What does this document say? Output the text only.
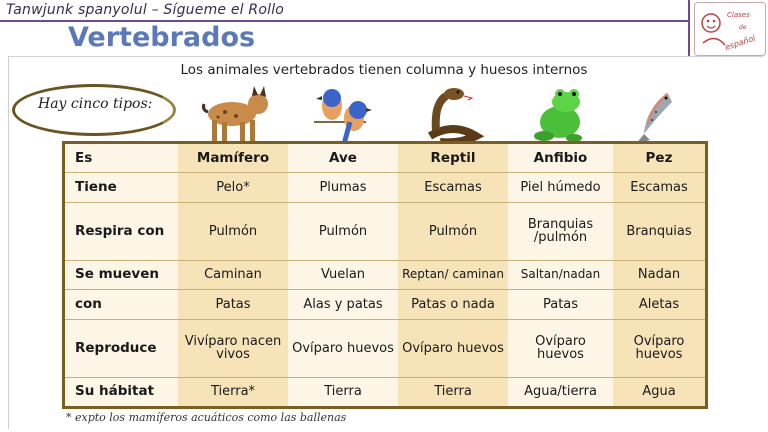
Tanwjunk spanyolul – Sígueme el Rollo
Vertebrados
Clases
de
español
Los animales vertebrados tienen columna y huesos internos
Hay cinco tipos:
Es	Mamífero	Ave	Reptil	Anfibio	Pez
Tiene	Pelo*	Plumas	Escamas	Piel húmedo	Escamas
Respira con	Pulmón	Pulmón	Pulmón	Branquias /pulmón	Branquias
Se mueven	Caminan	Vuelan	Reptan/ caminan	Saltan/nadan	Nadan
con	Patas	Alas y patas	Patas o nada	Patas	Aletas
Reproduce	Vivíparo nacen vivos	Ovíparo huevos	Ovíparo huevos	Ovíparo huevos	Ovíparo huevos
Su hábitat	Tierra*	Tierra	Tierra	Agua/tierra	Agua
* expto los mamíferos acuáticos como las ballenas
